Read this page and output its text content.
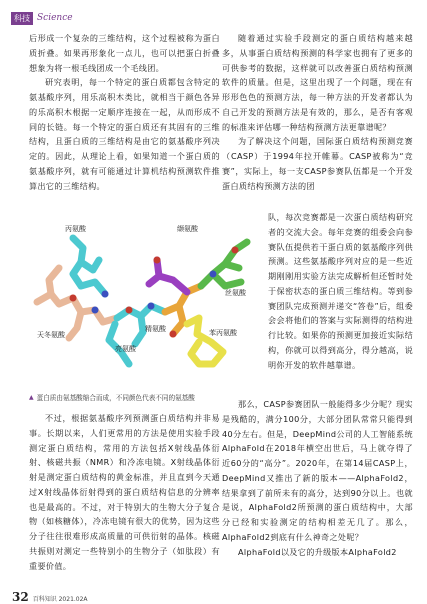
科技 Science

后形成一个复杂的三维结构，这个过程被称为蛋白质折叠。如果再形象化一点儿，也可以把蛋白折叠想象为将一根毛线团成一个毛线团。

研究表明，每一个特定的蛋白质都包含特定的氨基酸序列，用乐高积木类比，就相当于颜色各异的乐高积木根据一定顺序连接在一起，从而形成不同的长链。每一个特定的蛋白质还有其固有的三维结构，且蛋白质的三维结构是由它的氨基酸序列决定的。因此，从理论上看，如果知道一个蛋白质的氨基酸序列，就有可能通过计算机结构预测软件推算出它的三维结构。

随着通过实验手段测定的蛋白质结构越来越多，从事蛋白质结构预测的科学家也拥有了更多的可供参考的数据，这样就可以改善蛋白质结构预测软件的质量。但是，这里出现了一个问题，现在有形形色色的预测方法，每一种方法的开发者都认为自己开发的预测方法是有效的，那么，是否有客观的标准来评估哪一种结构预测方法更靠谱呢？

为了解决这个问题，国际蛋白质结构预测竞赛（CASP）于1994年拉开帷幕。CASP被称为“竞赛”，实际上，每一支CASP参赛队伍都是一个开发蛋白质结构预测方法的团

丙氨酸	缬氨酸
天冬氨酸
丝氨酸
精氨酸
亮氨酸
苯丙氨酸
▲ 蛋白质由氨基酸缩合而成，不同颜色代表不同的氨基酸

队，每次竞赛都是一次蛋白质结构研究者的交流大会。每年竞赛的组委会向参赛队伍提供若干蛋白质的氨基酸序列供预测。这些氨基酸序列对应的是一些近期刚刚用实验方法完成解析但还暂时处于保密状态的蛋白质三维结构。等到参赛团队完成预测并递交“答卷”后，组委会会将他们的答案与实际测得的结构进行比较。如果你的预测更加接近实际结构，你就可以得到高分，得分越高，说明你开发的软件越靠谱。

不过，根据氨基酸序列预测蛋白质结构并非易事。长期以来，人们更常用的方法是使用实验手段测定蛋白质结构，常用的方法包括X射线晶体衍射、核磁共振（NMR）和冷冻电镜。X射线晶体衍射是测定蛋白质结构的黄金标准，并且直到今天通过X射线晶体衍射得到的蛋白质结构信息的分辨率也是最高的。不过，对于特别大的生物大分子复合物（如核糖体），冷冻电镜有很大的优势，因为这些分子往往很难形成高质量的可供衍射的晶体。核磁共振则对测定一些特别小的生物分子（如肽段）有重要价值。

那么，CASP参赛团队一般能得多少分呢？现实是残酷的，满分100分，大部分团队常常只能得到40分左右。但是，DeepMind公司的人工智能系统AlphaFold在2018年横空出世后，马上就夺得了近60分的“高分”。2020年，在第14届CASP上，DeepMind又推出了新的版本——AlphaFold2，结果拿到了前所未有的高分，达到90分以上。也就是说，AlphaFold2所预测的蛋白质结构中，大部分已经和实验测定的结构相差无几了。那么，AlphaFold2到底有什么神奇之处呢？

AlphaFold以及它的升级版本AlphaFold2

32 百科知识 2021.02A
